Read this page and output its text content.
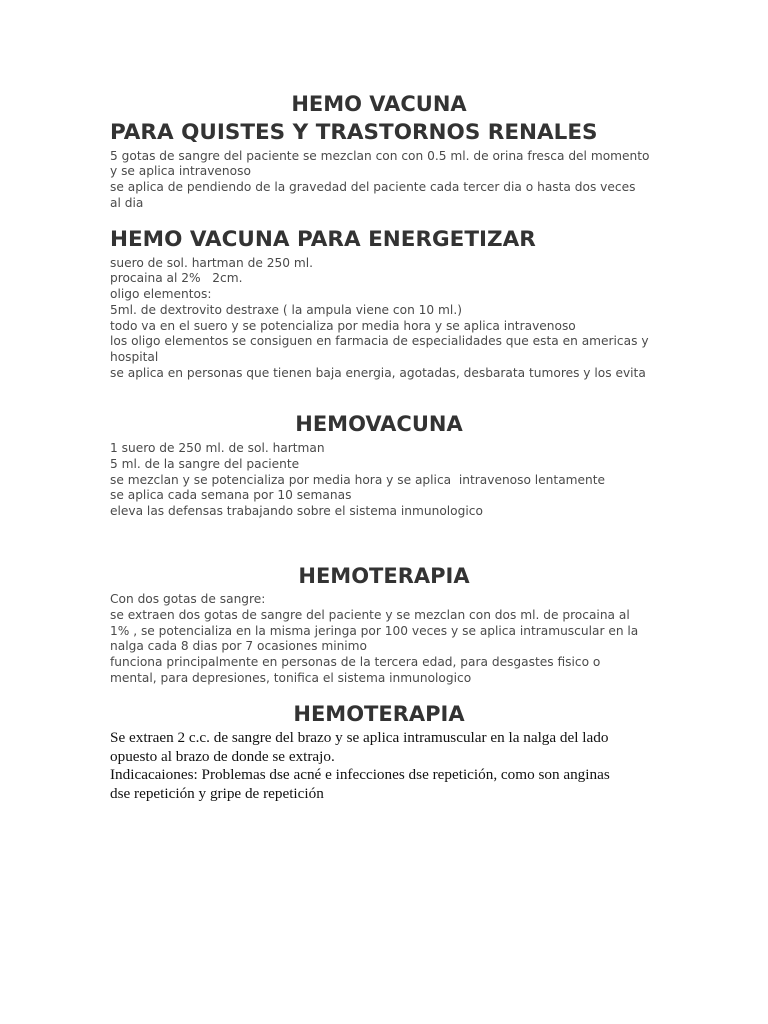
HEMO VACUNA
PARA QUISTES Y TRASTORNOS RENALES

5 gotas de sangre del paciente se mezclan con con 0.5 ml. de orina fresca del momento y se aplica intravenoso

se aplica de pendiendo de la gravedad del paciente cada tercer dia o hasta dos veces al dia

HEMO VACUNA PARA ENERGETIZAR

suero de sol. hartman de 250 ml.

procaina al 2%   2cm.

oligo elementos:

5ml. de dextrovito destraxe ( la ampula viene con 10 ml.)

todo va en el suero y se potencializa por media hora y se aplica intravenoso

los oligo elementos se consiguen en farmacia de especialidades que esta en americas y hospital

se aplica en personas que tienen baja energia, agotadas, desbarata tumores y los evita

HEMOVACUNA

1 suero de 250 ml. de sol. hartman

5 ml. de la sangre del paciente

se mezclan y se potencializa por media hora y se aplica  intravenoso lentamente

se aplica cada semana por 10 semanas

eleva las defensas trabajando sobre el sistema inmunologico

HEMOTERAPIA

Con dos gotas de sangre:

se extraen dos gotas de sangre del paciente y se mezclan con dos ml. de procaina al 1% , se potencializa en la misma jeringa por 100 veces y se aplica intramuscular en la nalga cada 8 dias por 7 ocasiones minimo

funciona principalmente en personas de la tercera edad, para desgastes fisico o mental, para depresiones, tonifica el sistema inmunologico

HEMOTERAPIA

Se extraen 2 c.c. de sangre del brazo y se aplica intramuscular en la nalga del lado opuesto al brazo de donde se extrajo.

Indicacaiones: Problemas dse acné e infecciones dse repetición, como son anginas dse repetición y gripe de repetición
